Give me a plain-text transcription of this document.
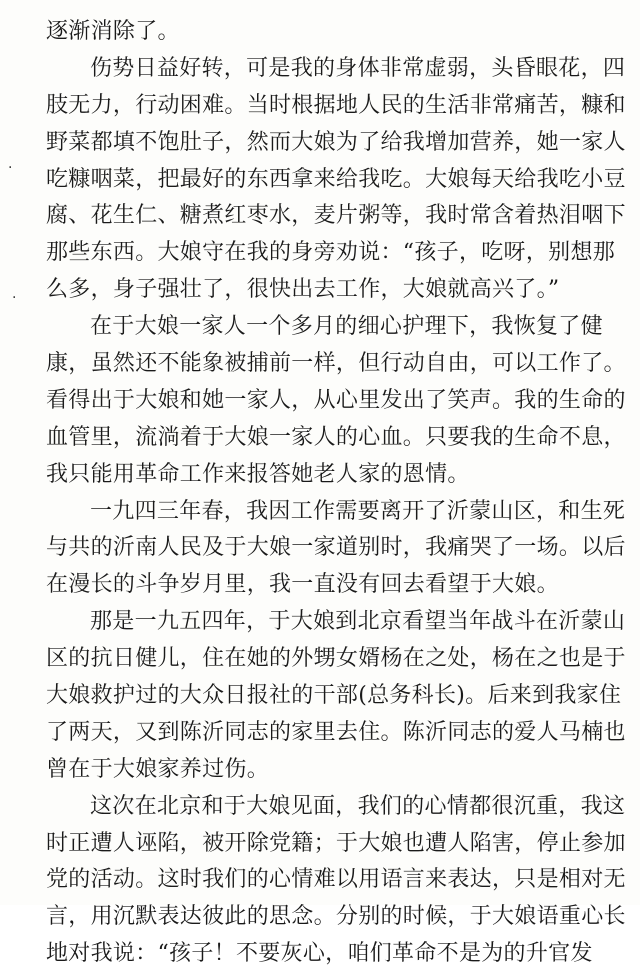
逐渐消除了。
伤势日益好转，可是我的身体非常虚弱，头昏眼花，四
肢无力，行动困难。当时根据地人民的生活非常痛苦，糠和
野菜都填不饱肚子，然而大娘为了给我增加营养，她一家人
吃糠咽菜，把最好的东西拿来给我吃。大娘每天给我吃小豆
腐、花生仁、糖煮红枣水，麦片粥等，我时常含着热泪咽下
那些东西。大娘守在我的身旁劝说：“孩子，吃呀，别想那
么多，身子强壮了，很快出去工作，大娘就高兴了。”
在于大娘一家人一个多月的细心护理下，我恢复了健
康，虽然还不能象被捕前一样，但行动自由，可以工作了。
看得出于大娘和她一家人，从心里发出了笑声。我的生命的
血管里，流淌着于大娘一家人的心血。只要我的生命不息，
我只能用革命工作来报答她老人家的恩情。
一九四三年春，我因工作需要离开了沂蒙山区，和生死
与共的沂南人民及于大娘一家道别时，我痛哭了一场。以后
在漫长的斗争岁月里，我一直没有回去看望于大娘。
那是一九五四年，于大娘到北京看望当年战斗在沂蒙山
区的抗日健儿，住在她的外甥女婿杨在之处，杨在之也是于
大娘救护过的大众日报社的干部(总务科长)。后来到我家住
了两天，又到陈沂同志的家里去住。陈沂同志的爱人马楠也
曾在于大娘家养过伤。
这次在北京和于大娘见面，我们的心情都很沉重，我这
时正遭人诬陷，被开除党籍；于大娘也遭人陷害，停止参加
党的活动。这时我们的心情难以用语言来表达，只是相对无
言，用沉默表达彼此的思念。分别的时候，于大娘语重心长
地对我说：“孩子！不要灰心，咱们革命不是为的升官发
·
·
